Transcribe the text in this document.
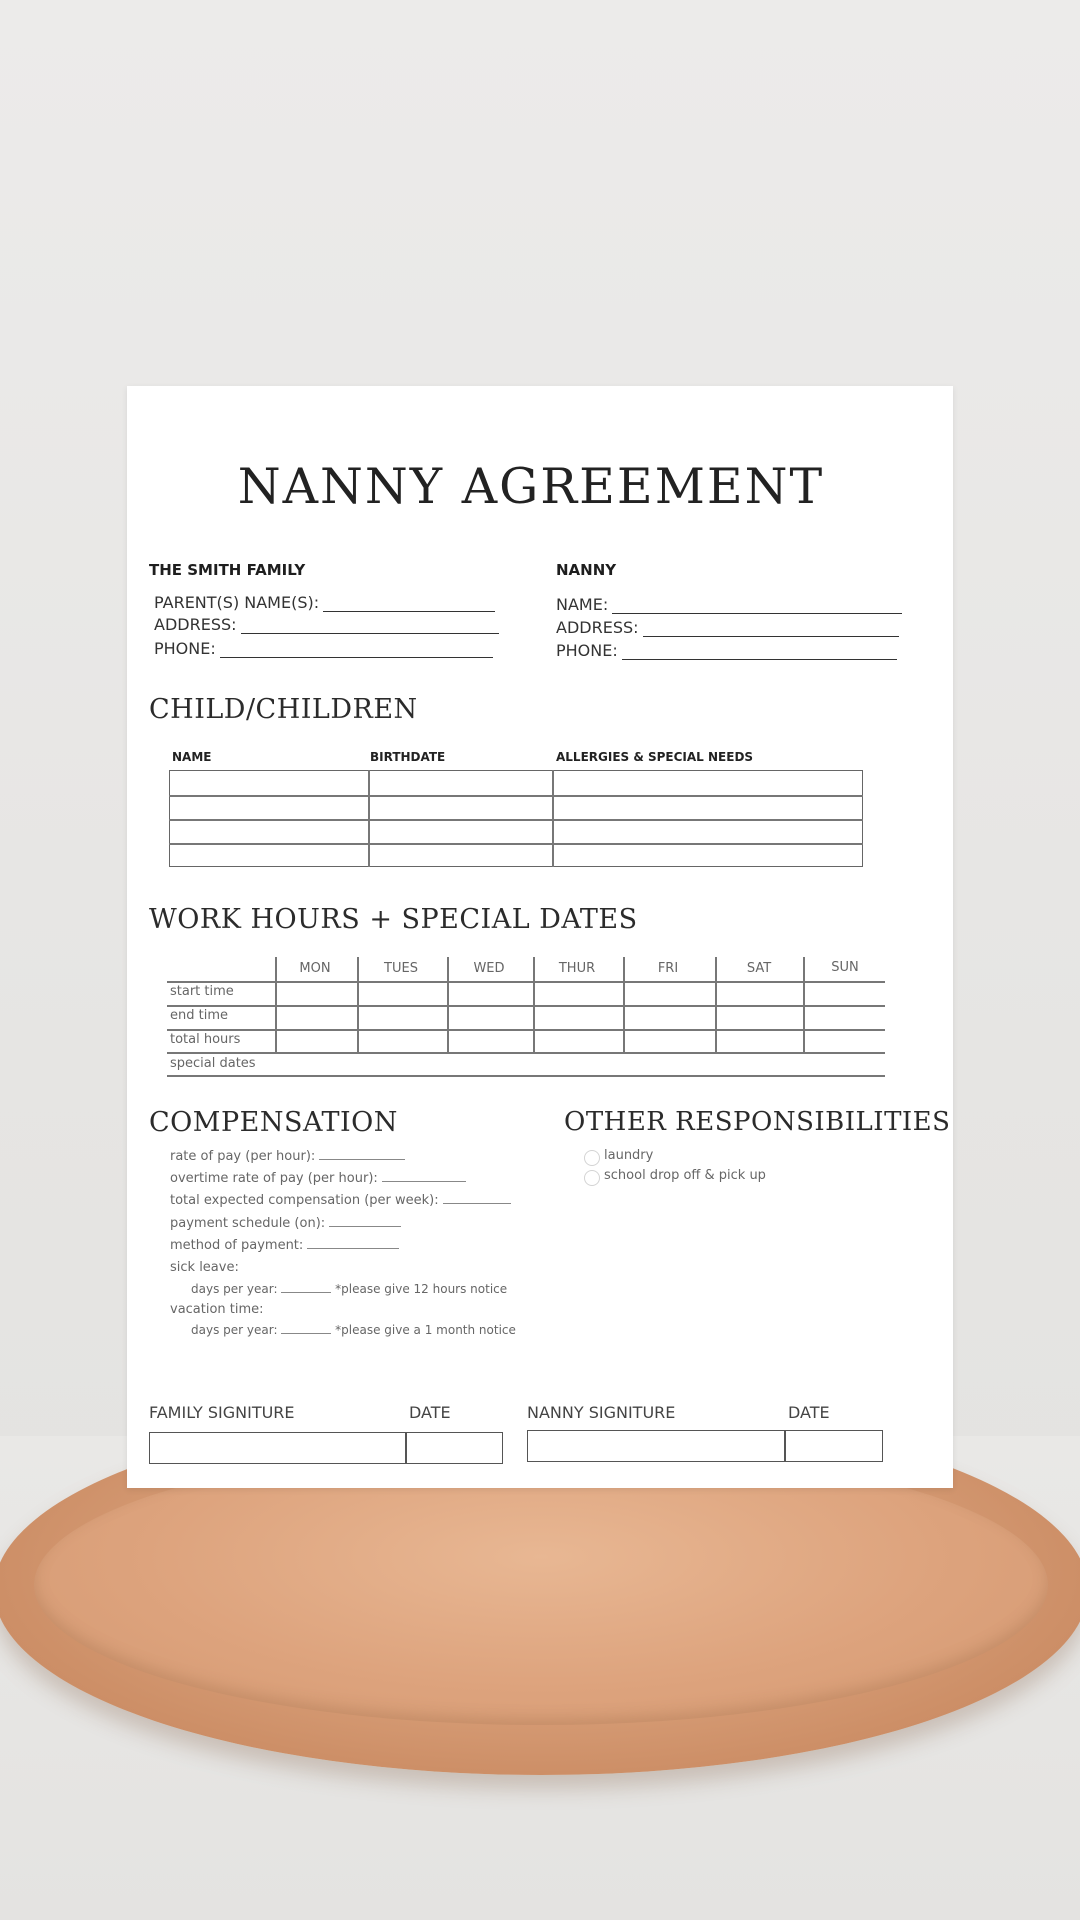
NANNY AGREEMENT
THE SMITH FAMILY
PARENT(S) NAME(S):
ADDRESS:
PHONE:
NANNY
NAME:
ADDRESS:
PHONE:
CHILD/CHILDREN
NAME	BIRTHDATE	ALLERGIES & SPECIAL NEEDS
WORK HOURS + SPECIAL DATES
MON	TUES	WED	THUR	FRI	SAT	SUN
start time
end time
total hours
special dates
COMPENSATION
rate of pay (per hour):
overtime rate of pay (per hour):
total expected compensation (per week):
payment schedule (on):
method of payment:
sick leave:
days per year:	*please give 12 hours notice
vacation time:
days per year:	*please give a 1 month notice
OTHER RESPONSIBILITIES
laundry
school drop off & pick up
FAMILY SIGNITURE	DATE	NANNY SIGNITURE	DATE
